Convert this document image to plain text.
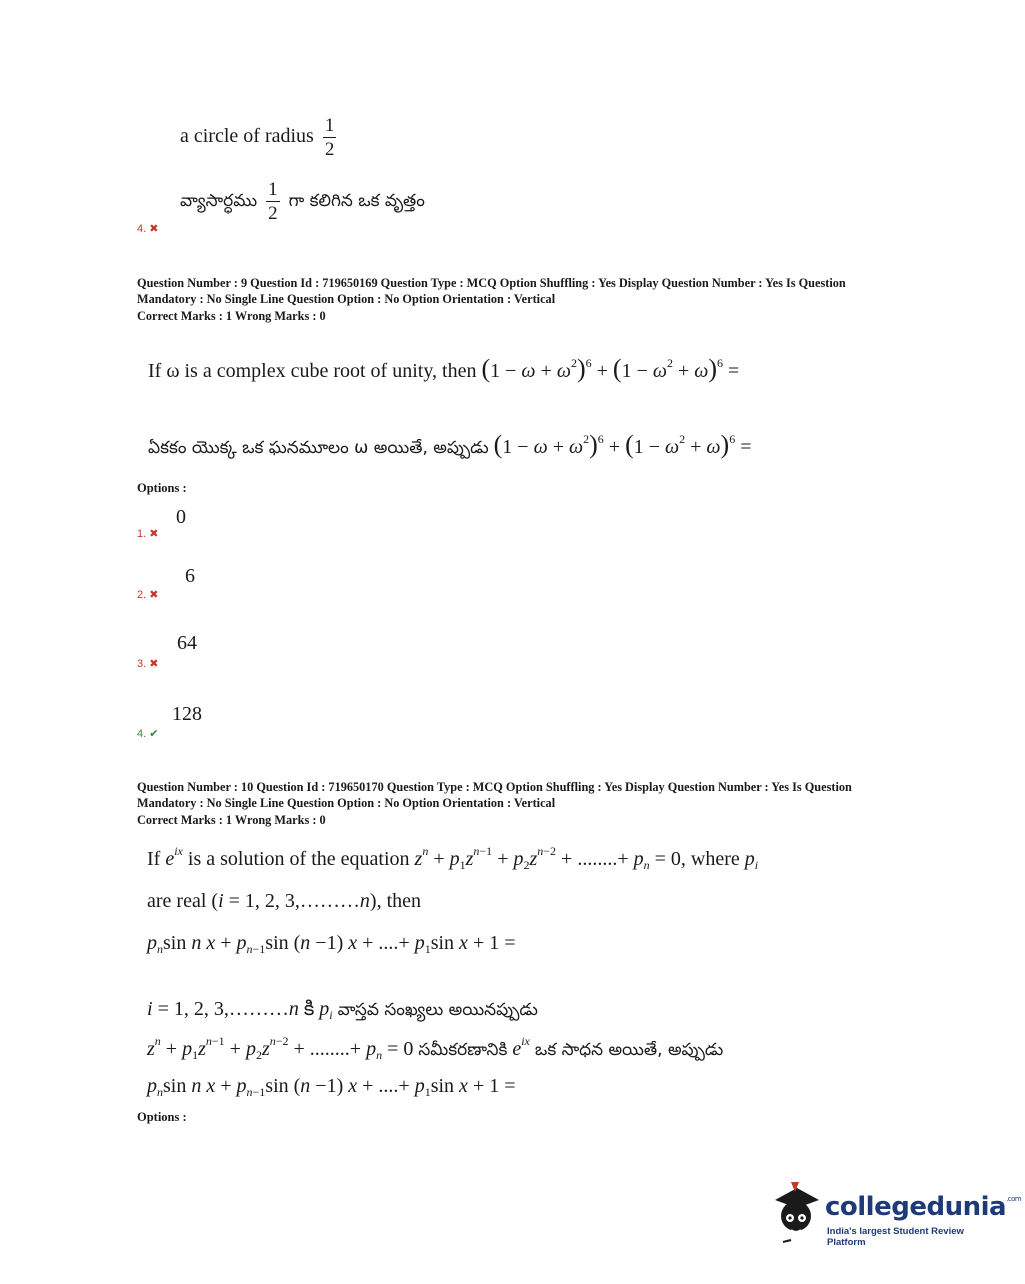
a circle of radius $\frac{1}{2}$
వ్యాసార్ధము $\frac{1}{2}$ గా కలిగిన ఒక వృత్తం
4. ✖
Question Number : 9 Question Id : 719650169 Question Type : MCQ Option Shuffling : Yes Display Question Number : Yes Is Question
Mandatory : No Single Line Question Option : No Option Orientation : Vertical
Correct Marks : 1 Wrong Marks : 0
If ω is a complex cube root of unity, then $(1 - \omega + \omega^2)^6 + (1 - \omega^2 + \omega)^6$ =
ఏకకం యొక్క ఒక ఘనమూలం ω అయితే, అప్పుడు $(1 - \omega + \omega^2)^6 + (1 - \omega^2 + \omega)^6$ =
Options :
0
1. ✖
6
2. ✖
64
3. ✖
128
4. ✔
Question Number : 10 Question Id : 719650170 Question Type : MCQ Option Shuffling : Yes Display Question Number : Yes Is Question
Mandatory : No Single Line Question Option : No Option Orientation : Vertical
Correct Marks : 1 Wrong Marks : 0
If $e^{ix}$ is a solution of the equation $z^n + p_1z^{n-1} + p_2z^{n-2}$ + ........+ $p_n = 0$, where $p_i$
are real (i = 1, 2, 3,………n), then
$p_n\sin$ n $x + p_{n-1}\sin$ (n −1) x + ....+ $p_1\sin$ x + 1 =
i = 1, 2, 3,………n కి $p_i$ వాస్తవ సంఖ్యలు అయినప్పుడు
$z^n + p_1z^{n-1} + p_2z^{n-2}$ + ........+ $p_n = 0$ సమీకరణానికి $e^{ix}$ ఒక సాధన అయితే, అప్పుడు
$p_n\sin$ n $x + p_{n-1}\sin$ (n −1) x + ....+ $p_1\sin$ x + 1 =
Options :
collegedunia$^{.com}$
India's largest Student Review Platform
